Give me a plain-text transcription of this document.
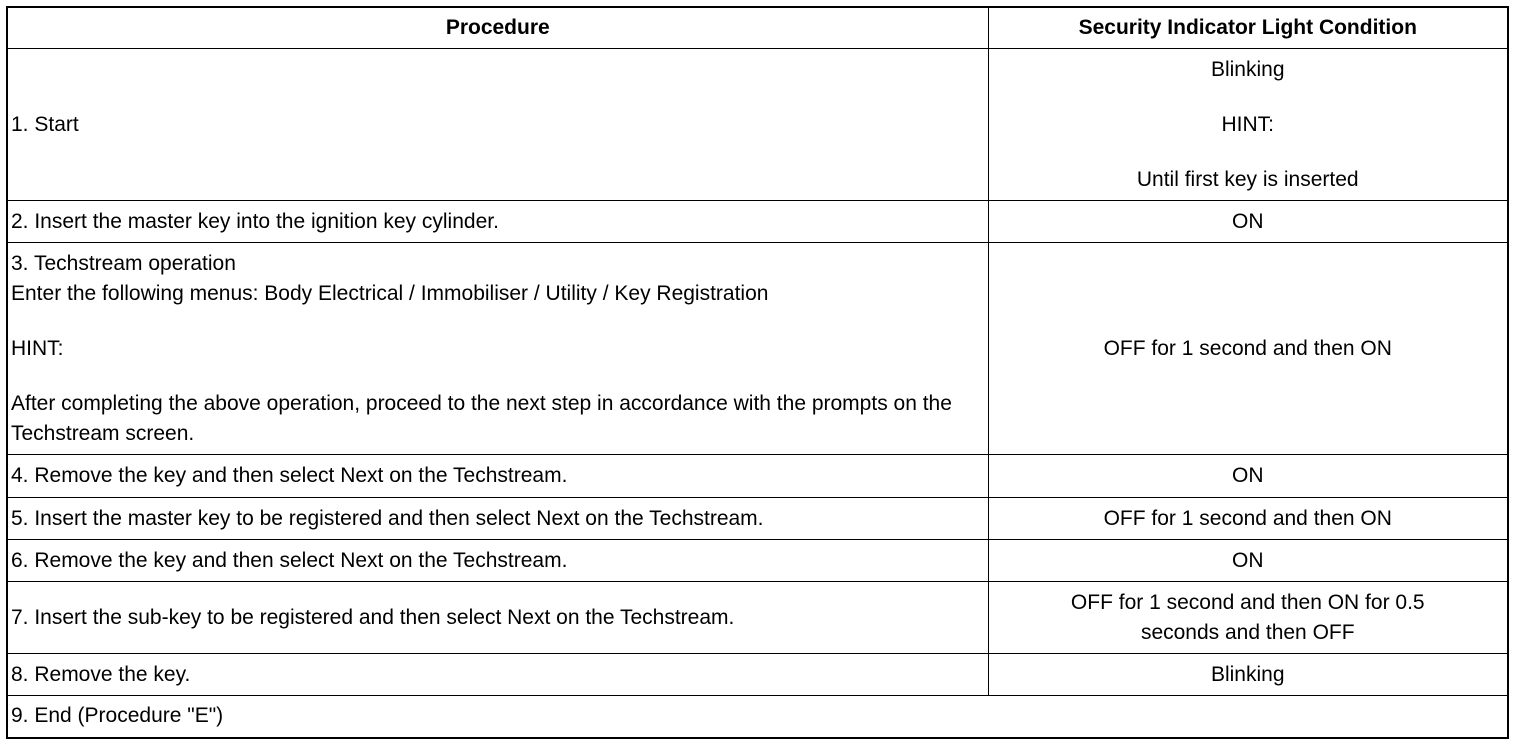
Procedure	Security Indicator Light Condition
1. Start	Blinking
HINT:
Until first key is inserted

2. Insert the master key into the ignition key cylinder.	ON

3. Techstream operation
Enter the following menus: Body Electrical / Immobiliser / Utility / Key Registration
HINT:
After completing the above operation, proceed to the next step in accordance with the prompts on the Techstream screen.	OFF for 1 second and then ON
4. Remove the key and then select Next on the Techstream.	ON
5. Insert the master key to be registered and then select Next on the Techstream.	OFF for 1 second and then ON
6. Remove the key and then select Next on the Techstream.	ON
7. Insert the sub-key to be registered and then select Next on the Techstream.	OFF for 1 second and then ON for 0.5 seconds and then OFF

8. Remove the key.	Blinking
9. End (Procedure "E")	
